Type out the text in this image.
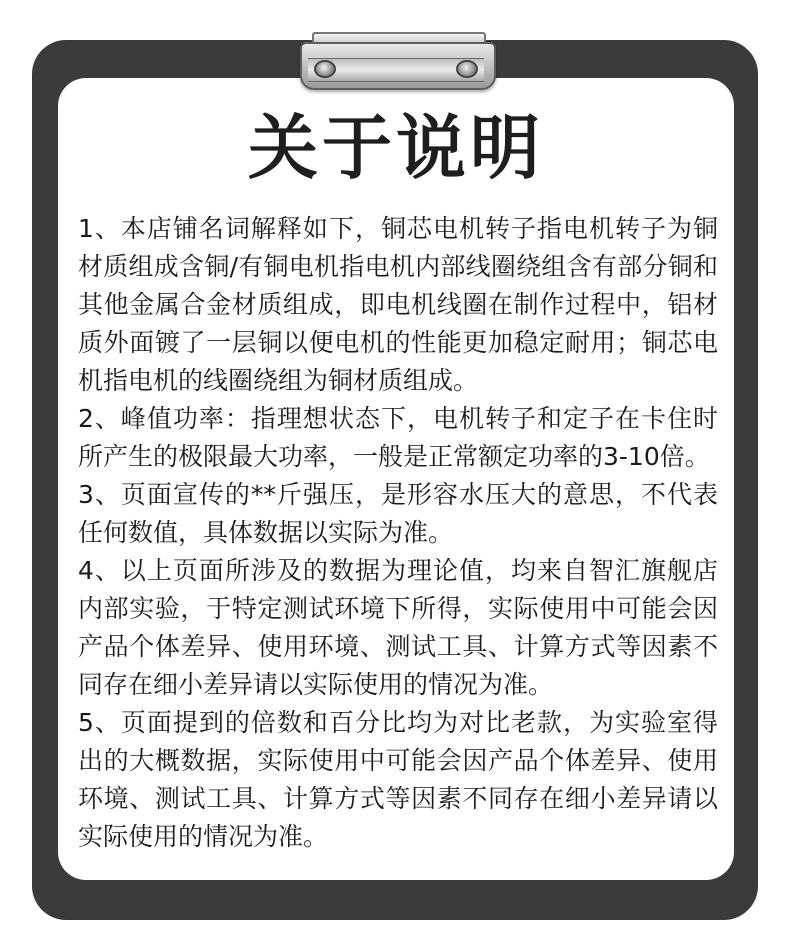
关于说明

1、本店铺名词解释如下，铜芯电机转子指电机转子为铜材质组成含铜/有铜电机指电机内部线圈绕组含有部分铜和其他金属合金材质组成，即电机线圈在制作过程中，铝材质外面镀了一层铜以便电机的性能更加稳定耐用；铜芯电机指电机的线圈绕组为铜材质组成。

2、峰值功率：指理想状态下，电机转子和定子在卡住时所产生的极限最大功率，一般是正常额定功率的3-10倍。

3、页面宣传的**斤强压，是形容水压大的意思，不代表任何数值，具体数据以实际为准。

4、以上页面所涉及的数据为理论值，均来自智汇旗舰店内部实验，于特定测试环境下所得，实际使用中可能会因产品个体差异、使用环境、测试工具、计算方式等因素不同存在细小差异请以实际使用的情况为准。

5、页面提到的倍数和百分比均为对比老款，为实验室得出的大概数据，实际使用中可能会因产品个体差异、使用环境、测试工具、计算方式等因素不同存在细小差异请以实际使用的情况为准。
